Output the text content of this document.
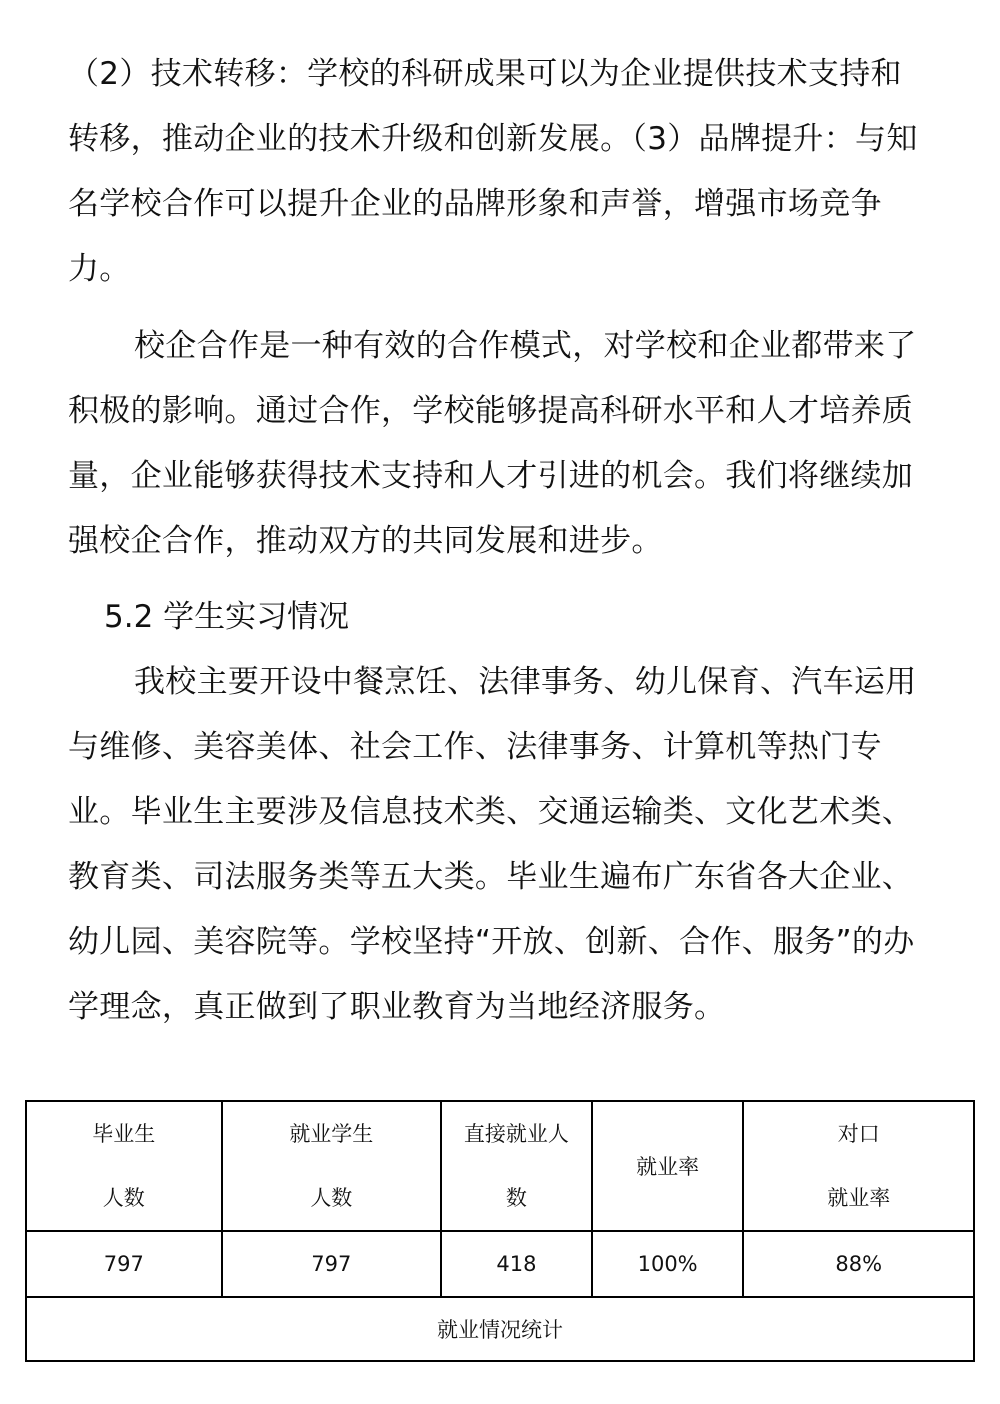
（2）技术转移：学校的科研成果可以为企业提供技术支持和转移，推动企业的技术升级和创新发展。（3）品牌提升：与知名学校合作可以提升企业的品牌形象和声誉，增强市场竞争力。

校企合作是一种有效的合作模式，对学校和企业都带来了积极的影响。通过合作，学校能够提高科研水平和人才培养质量，企业能够获得技术支持和人才引进的机会。我们将继续加强校企合作，推动双方的共同发展和进步。

5.2 学生实习情况

我校主要开设中餐烹饪、法律事务、幼儿保育、汽车运用与维修、美容美体、社会工作、法律事务、计算机等热门专业。毕业生主要涉及信息技术类、交通运输类、文化艺术类、教育类、司法服务类等五大类。毕业生遍布广东省各大企业、幼儿园、美容院等。学校坚持“开放、创新、合作、服务”的办学理念，真正做到了职业教育为当地经济服务。

毕业生
人数	就业学生
人数	直接就业人
数	就业率	对口
就业率

797	797	418	100%	88%
就业情况统计				
